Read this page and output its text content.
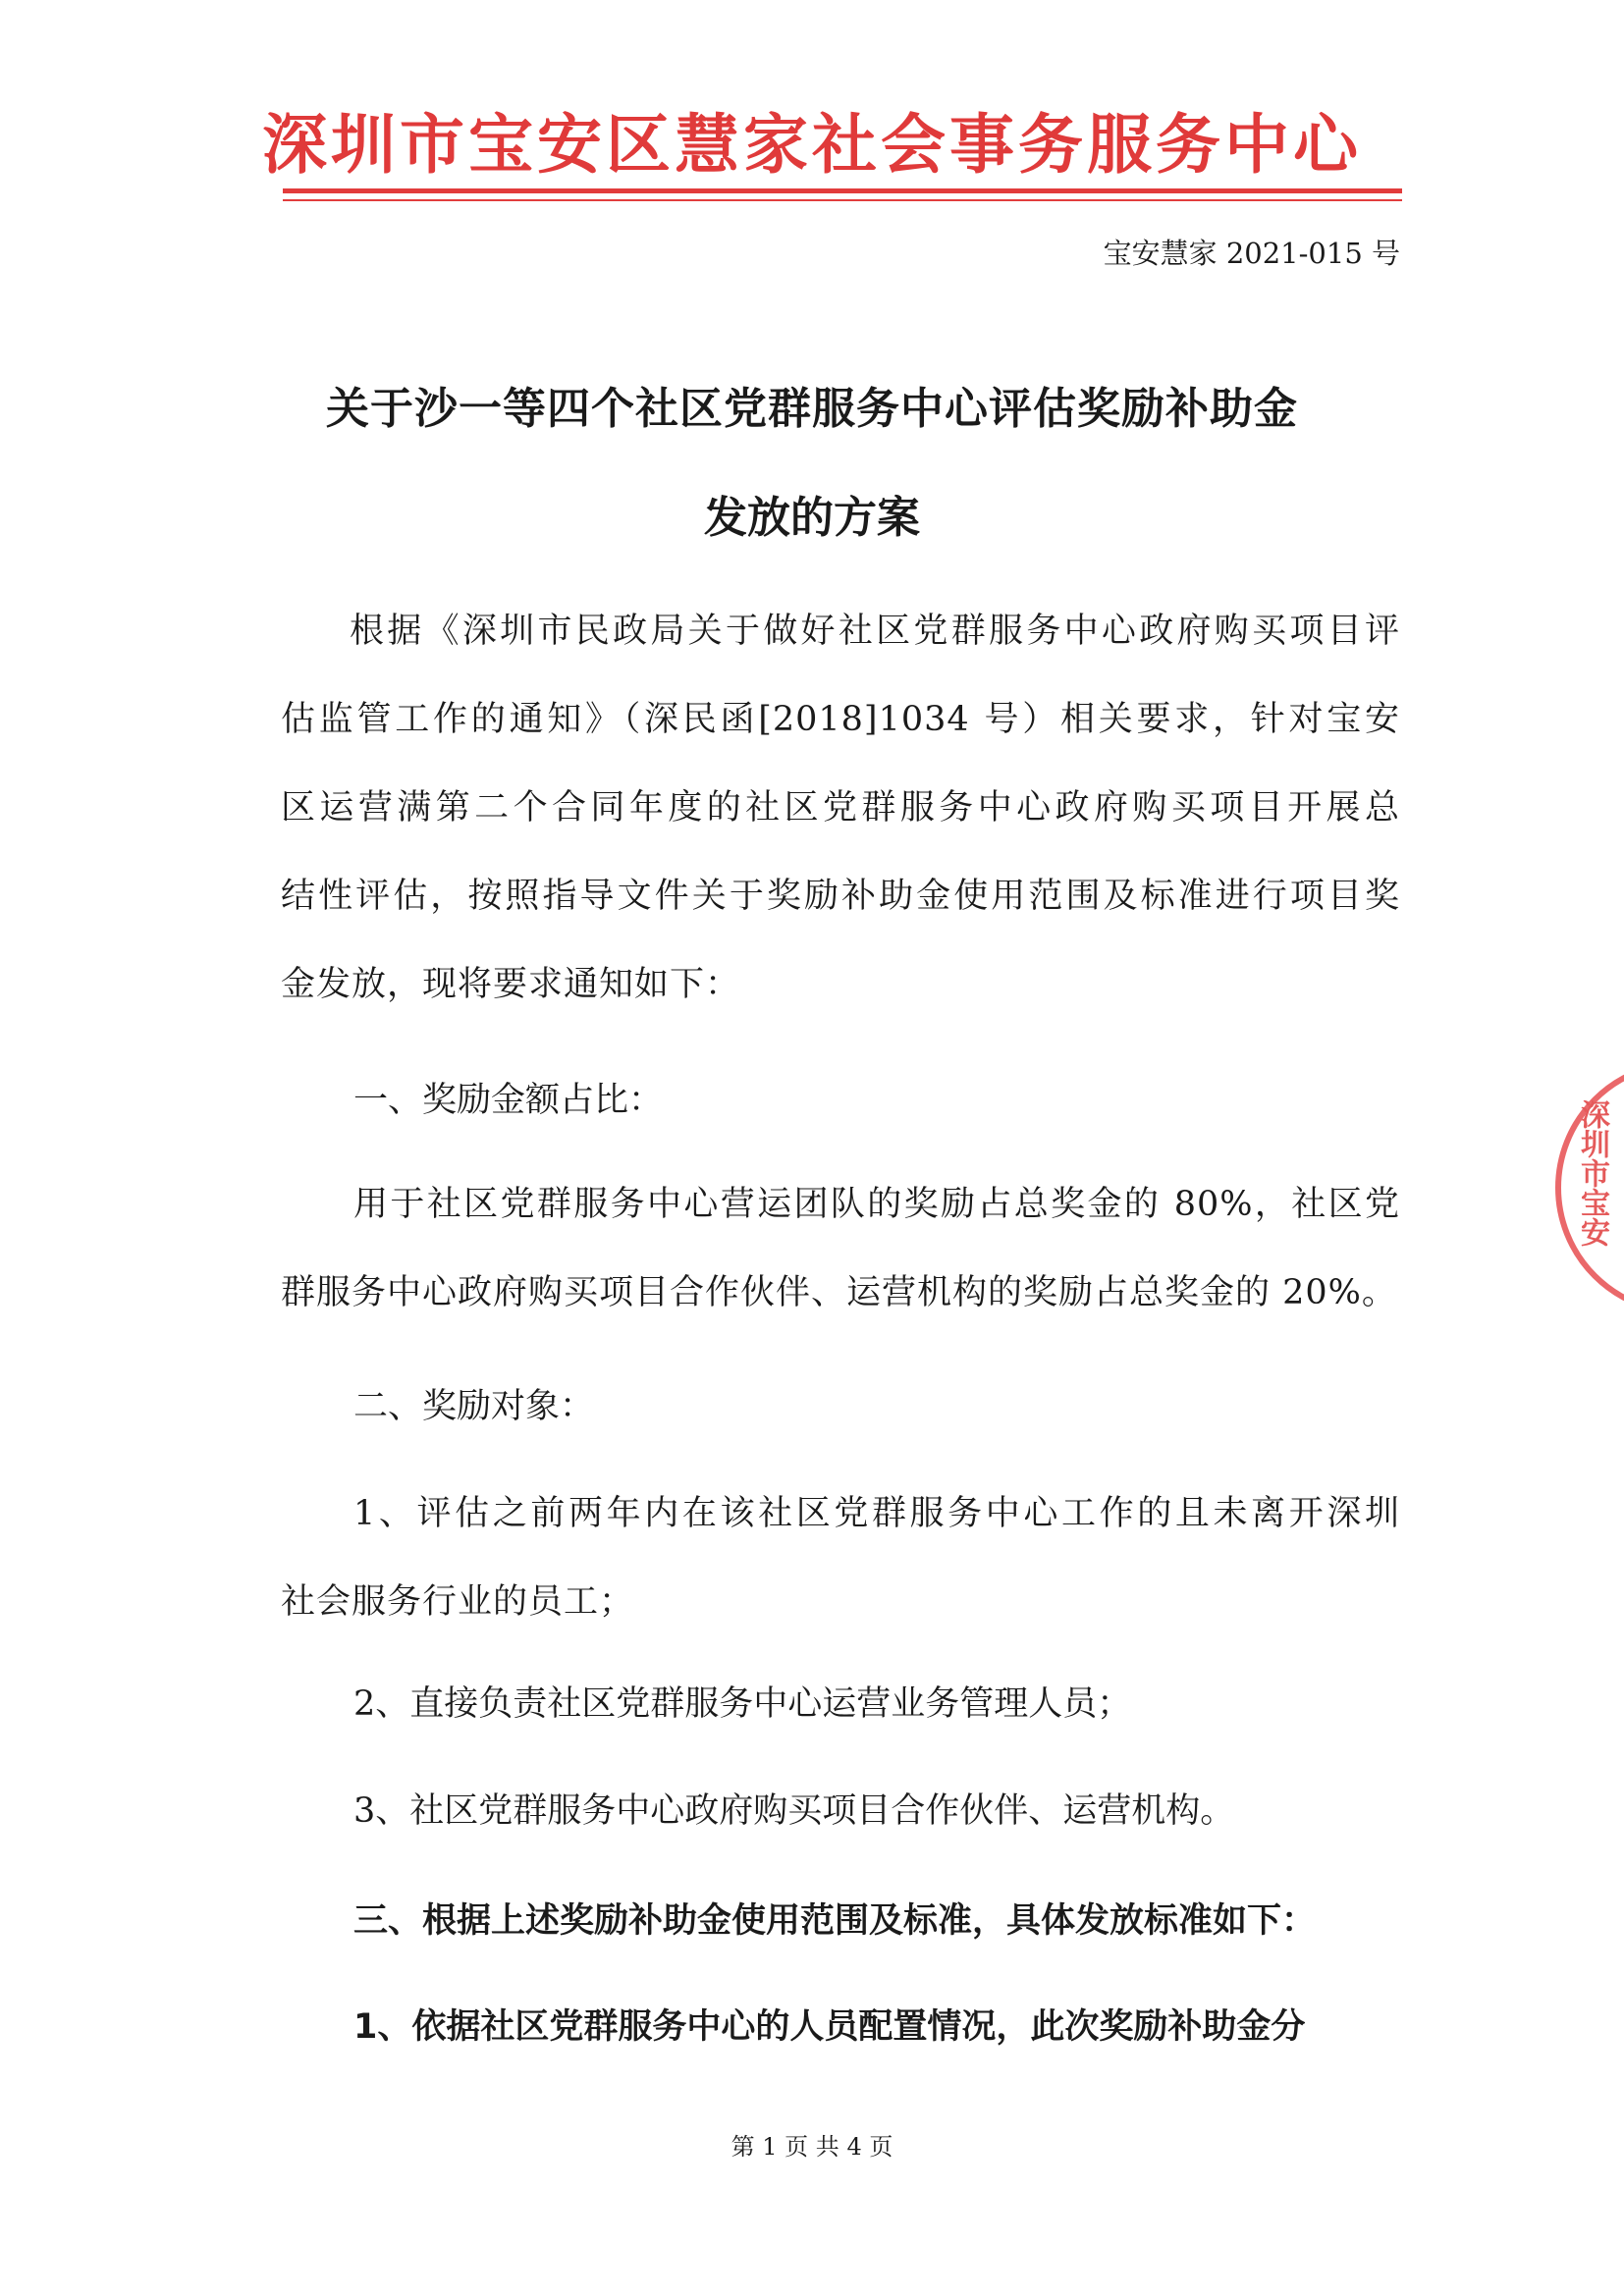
深圳市宝安区慧家社会事务服务中心
宝安慧家 2021-015 号
关于沙一等四个社区党群服务中心评估奖励补助金
发放的方案
根据《深圳市民政局关于做好社区党群服务中心政府购买项目评
估监管工作的通知》（深民函[2018]1034 号）相关要求，针对宝安
区运营满第二个合同年度的社区党群服务中心政府购买项目开展总
结性评估，按照指导文件关于奖励补助金使用范围及标准进行项目奖
金发放，现将要求通知如下：
一、奖励金额占比：
用于社区党群服务中心营运团队的奖励占总奖金的 80%，社区党
群服务中心政府购买项目合作伙伴、运营机构的奖励占总奖金的 20%。
二、奖励对象：
1、评估之前两年内在该社区党群服务中心工作的且未离开深圳
社会服务行业的员工；
2、直接负责社区党群服务中心运营业务管理人员；
3、社区党群服务中心政府购买项目合作伙伴、运营机构。
三、根据上述奖励补助金使用范围及标准，具体发放标准如下：
1、依据社区党群服务中心的人员配置情况，此次奖励补助金分
第 1 页 共 4 页
深圳市宝安
